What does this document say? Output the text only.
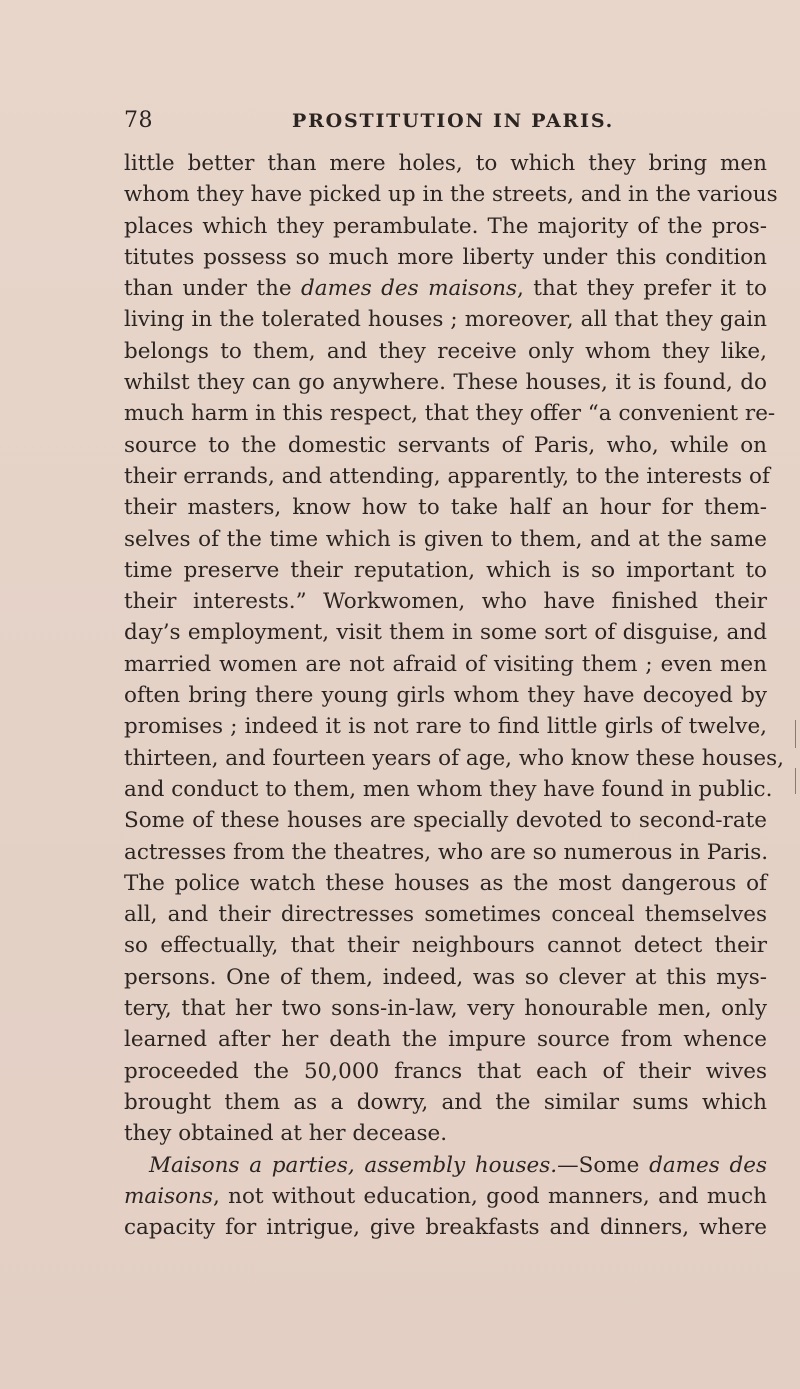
78	PROSTITUTION IN PARIS.
little better than mere holes, to which they bring men
whom they have picked up in the streets, and in the various
places which they perambulate. The majority of the pros-
titutes possess so much more liberty under this condition
than under the dames des maisons, that they prefer it to
living in the tolerated houses ; moreover, all that they gain
belongs to them, and they receive only whom they like,
whilst they can go anywhere. These houses, it is found, do
much harm in this respect, that they offer “a convenient re-
source to the domestic servants of Paris, who, while on
their errands, and attending, apparently, to the interests of
their masters, know how to take half an hour for them-
selves of the time which is given to them, and at the same
time preserve their reputation, which is so important to
their interests.” Workwomen, who have finished their
day’s employment, visit them in some sort of disguise, and
married women are not afraid of visiting them ; even men
often bring there young girls whom they have decoyed by
promises ; indeed it is not rare to find little girls of twelve,
thirteen, and fourteen years of age, who know these houses,
and conduct to them, men whom they have found in public.
Some of these houses are specially devoted to second-rate
actresses from the theatres, who are so numerous in Paris.
The police watch these houses as the most dangerous of
all, and their directresses sometimes conceal themselves
so effectually, that their neighbours cannot detect their
persons. One of them, indeed, was so clever at this mys-
tery, that her two sons-in-law, very honourable men, only
learned after her death the impure source from whence
proceeded the 50,000 francs that each of their wives
brought them as a dowry, and the similar sums which
they obtained at her decease.
Maisons a parties, assembly houses.—Some dames des
maisons, not without education, good manners, and much
capacity for intrigue, give breakfasts and dinners, where
